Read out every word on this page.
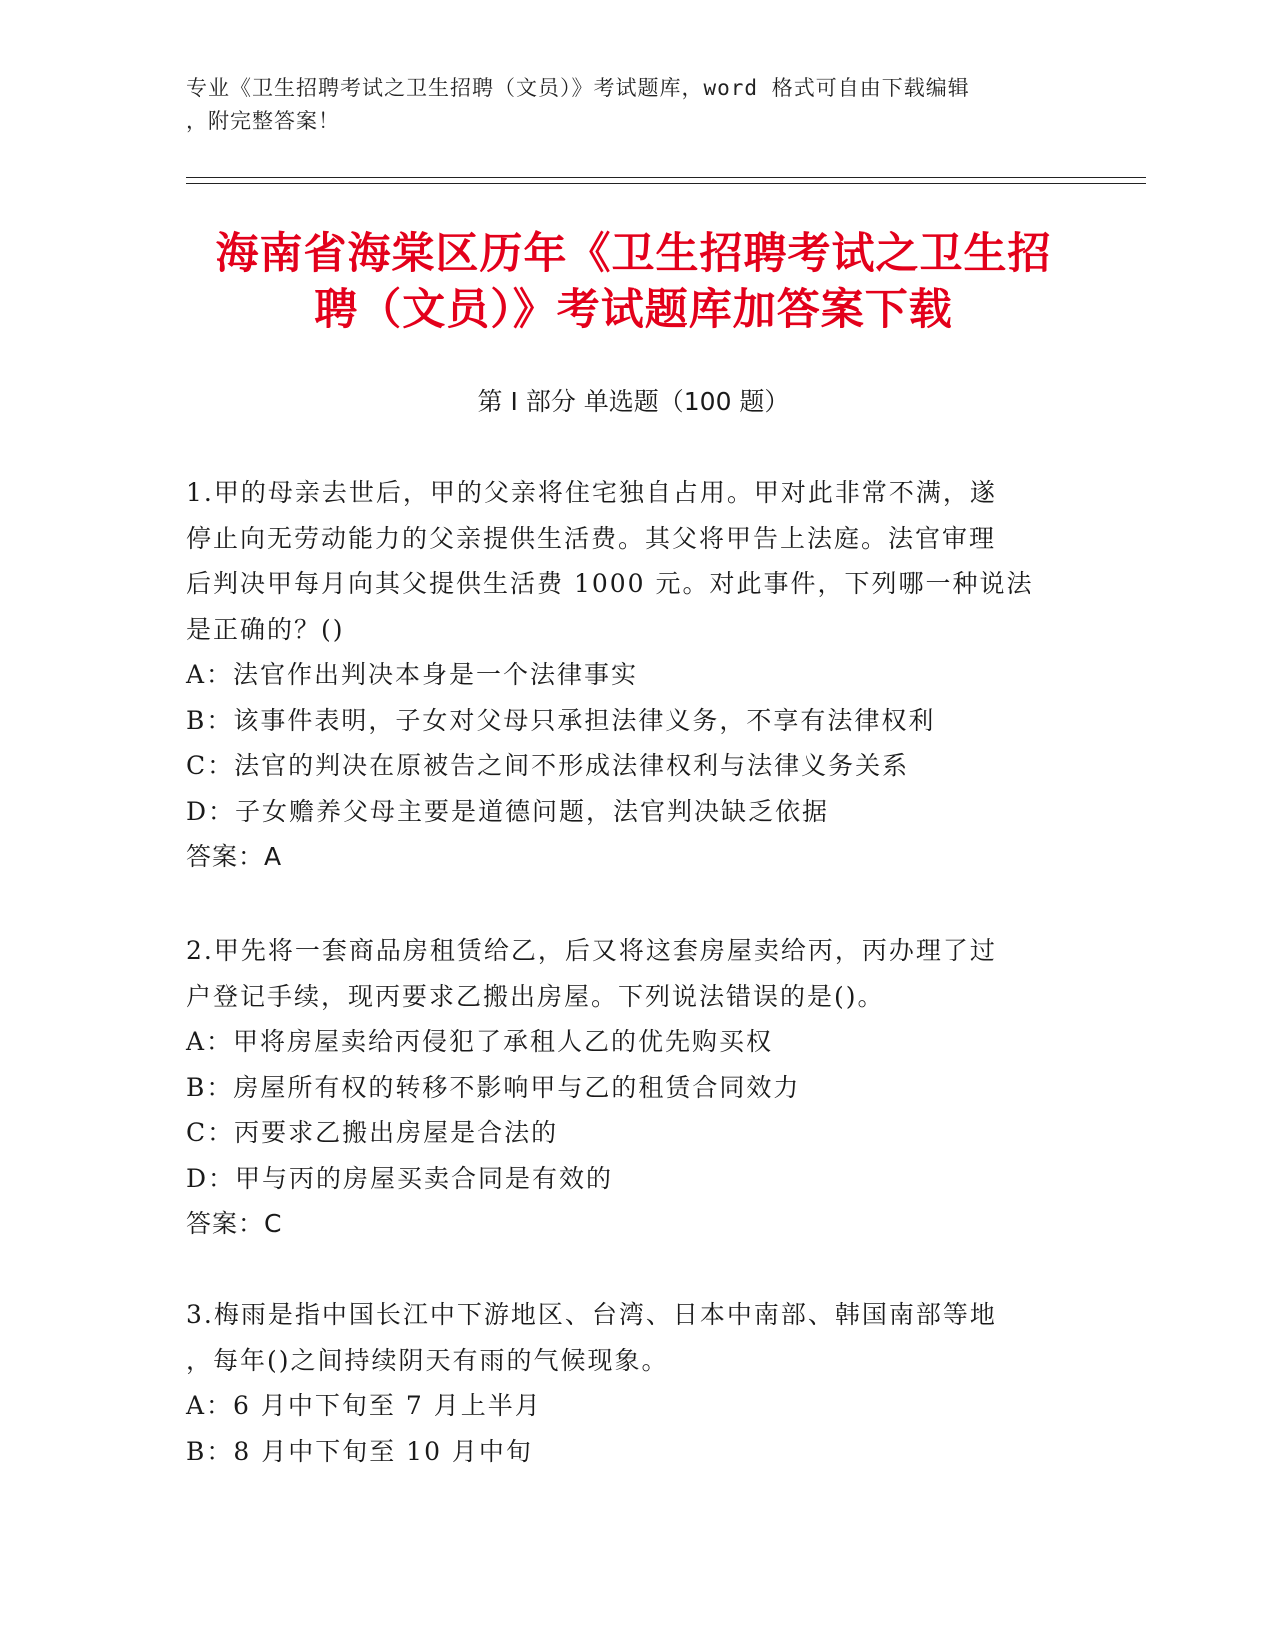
专业《卫生招聘考试之卫生招聘（文员）》考试题库，word 格式可自由下载编辑
，附完整答案！
海南省海棠区历年《卫生招聘考试之卫生招
聘（文员）》考试题库加答案下载
第 I 部分 单选题（100 题）
1.甲的母亲去世后，甲的父亲将住宅独自占用。甲对此非常不满，遂
停止向无劳动能力的父亲提供生活费。其父将甲告上法庭。法官审理
后判决甲每月向其父提供生活费 1000 元。对此事件，下列哪一种说法
是正确的？()
A：法官作出判决本身是一个法律事实
B：该事件表明，子女对父母只承担法律义务，不享有法律权利
C：法官的判决在原被告之间不形成法律权利与法律义务关系
D：子女赡养父母主要是道德问题，法官判决缺乏依据
答案：A
2.甲先将一套商品房租赁给乙，后又将这套房屋卖给丙，丙办理了过
户登记手续，现丙要求乙搬出房屋。下列说法错误的是()。
A：甲将房屋卖给丙侵犯了承租人乙的优先购买权
B：房屋所有权的转移不影响甲与乙的租赁合同效力
C：丙要求乙搬出房屋是合法的
D：甲与丙的房屋买卖合同是有效的
答案：C
3.梅雨是指中国长江中下游地区、台湾、日本中南部、韩国南部等地
，每年()之间持续阴天有雨的气候现象。
A：6 月中下旬至 7 月上半月
B：8 月中下旬至 10 月中旬
